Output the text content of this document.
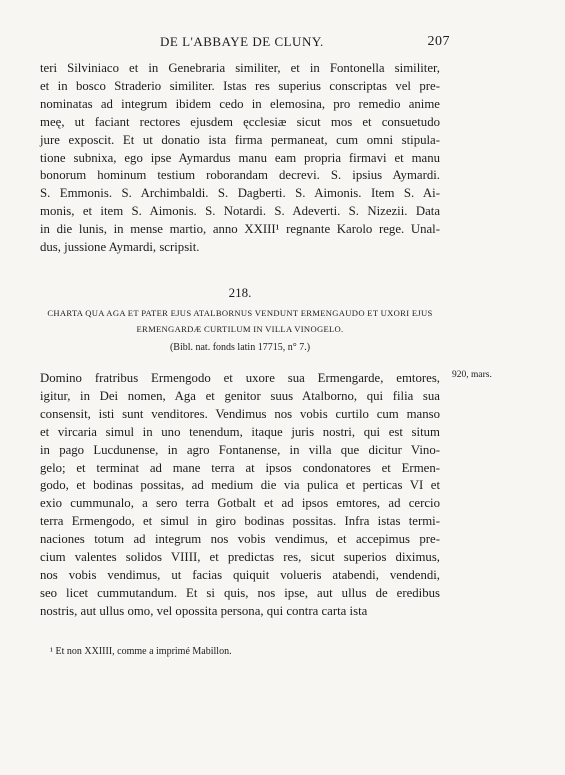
DE L'ABBAYE DE CLUNY.	207
teri Silviniaco et in Genebraria similiter, et in Fontonella similiter,
et in bosco Straderio similiter. Istas res superius conscriptas vel pre-
nominatas ad integrum ibidem cedo in elemosina, pro remedio anime
meę, ut faciant rectores ejusdem ęcclesiæ sicut mos et consuetudo
jure exposcit. Et ut donatio ista firma permaneat, cum omni stipula-
tione subnixa, ego ipse Aymardus manu eam propria firmavi et manu
bonorum hominum testium roborandam decrevi. S. ipsius Aymardi.
S. Emmonis. S. Archimbaldi. S. Dagberti. S. Aimonis. Item S. Ai-
monis, et item S. Aimonis. S. Notardi. S. Adeverti. S. Nizezii. Data
in die lunis, in mense martio, anno XXIII¹ regnante Karolo rege. Unal-
dus, jussione Aymardi, scripsit.
218.
CHARTA QUA AGA ET PATER EJUS ATALBORNUS VENDUNT ERMENGAUDO ET UXORI EJUS
ERMENGARDÆ CURTILUM IN VILLA VINOGELO.
(Bibl. nat. fonds latin 17715, n° 7.)
920, mars.
Domino fratribus Ermengodo et uxore sua Ermengarde, emtores,
igitur, in Dei nomen, Aga et genitor suus Atalborno, qui filia sua
consensit, isti sunt venditores. Vendimus nos vobis curtilo cum manso
et vircaria simul in uno tenendum, itaque juris nostri, qui est situm
in pago Lucdunense, in agro Fontanense, in villa que dicitur Vino-
gelo; et terminat ad mane terra at ipsos condonatores et Ermen-
godo, et bodinas possitas, ad medium die via pulica et perticas VI et
exio cummunalo, a sero terra Gotbalt et ad ipsos emtores, ad cercio
terra Ermengodo, et simul in giro bodinas possitas. Infra istas termi-
naciones totum ad integrum nos vobis vendimus, et accepimus pre-
cium valentes solidos VIIII, et predictas res, sicut superios diximus,
nos vobis vendimus, ut facias quiquit volueris atabendi, vendendi,
seo licet cummutandum. Et si quis, nos ipse, aut ullus de eredibus
nostris, aut ullus omo, vel opossita persona, qui contra carta ista
¹ Et non XXIIII, comme a imprimé Mabillon.
